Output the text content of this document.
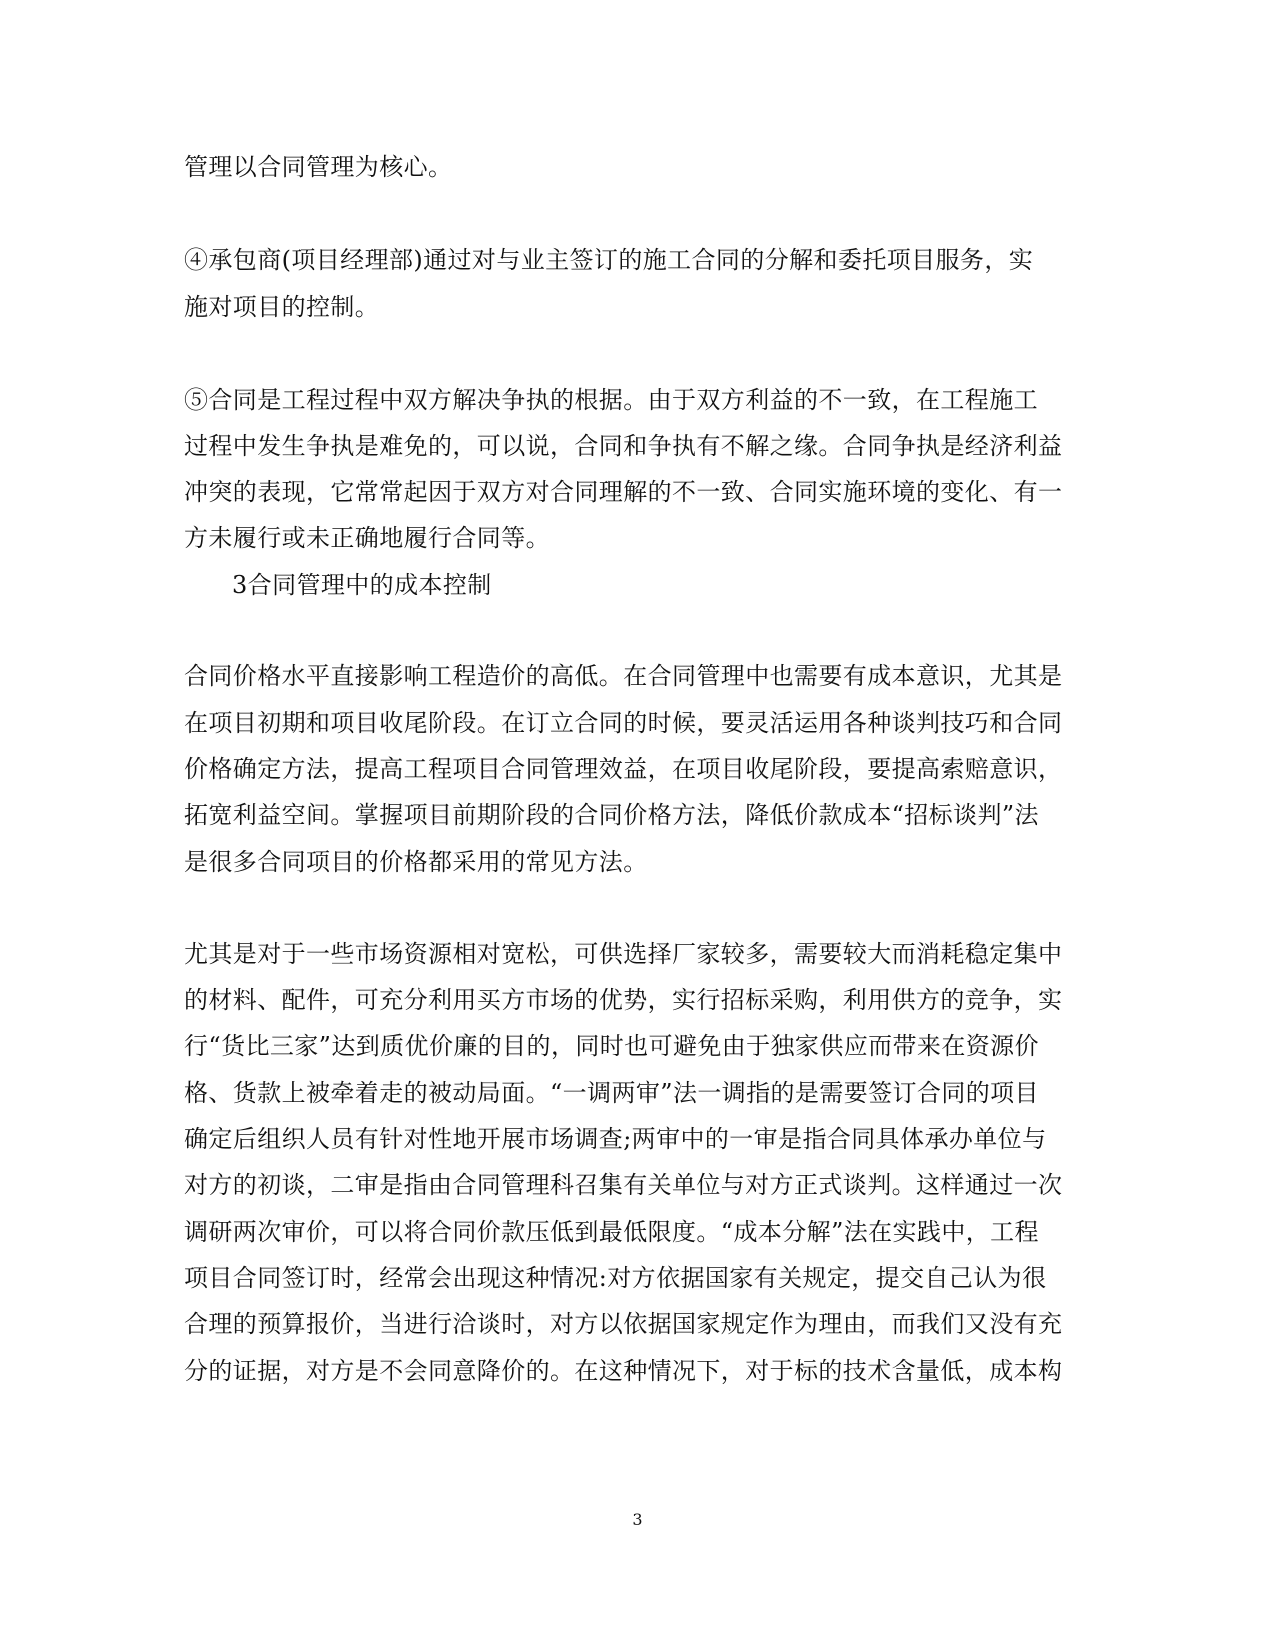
管理以合同管理为核心。
④承包商(项目经理部)通过对与业主签订的施工合同的分解和委托项目服务，实
施对项目的控制。
⑤合同是工程过程中双方解决争执的根据。由于双方利益的不一致，在工程施工
过程中发生争执是难免的，可以说，合同和争执有不解之缘。合同争执是经济利益
冲突的表现，它常常起因于双方对合同理解的不一致、合同实施环境的变化、有一
方未履行或未正确地履行合同等。
3合同管理中的成本控制
合同价格水平直接影响工程造价的高低。在合同管理中也需要有成本意识，尤其是
在项目初期和项目收尾阶段。在订立合同的时候，要灵活运用各种谈判技巧和合同
价格确定方法，提高工程项目合同管理效益，在项目收尾阶段，要提高索赔意识，
拓宽利益空间。掌握项目前期阶段的合同价格方法，降低价款成本“招标谈判”法
是很多合同项目的价格都采用的常见方法。
尤其是对于一些市场资源相对宽松，可供选择厂家较多，需要较大而消耗稳定集中
的材料、配件，可充分利用买方市场的优势，实行招标采购，利用供方的竞争，实
行“货比三家”达到质优价廉的目的，同时也可避免由于独家供应而带来在资源价
格、货款上被牵着走的被动局面。“一调两审”法一调指的是需要签订合同的项目
确定后组织人员有针对性地开展市场调查;两审中的一审是指合同具体承办单位与
对方的初谈，二审是指由合同管理科召集有关单位与对方正式谈判。这样通过一次
调研两次审价，可以将合同价款压低到最低限度。“成本分解”法在实践中，工程
项目合同签订时，经常会出现这种情况:对方依据国家有关规定，提交自己认为很
合理的预算报价，当进行洽谈时，对方以依据国家规定作为理由，而我们又没有充
分的证据，对方是不会同意降价的。在这种情况下，对于标的技术含量低，成本构
3
